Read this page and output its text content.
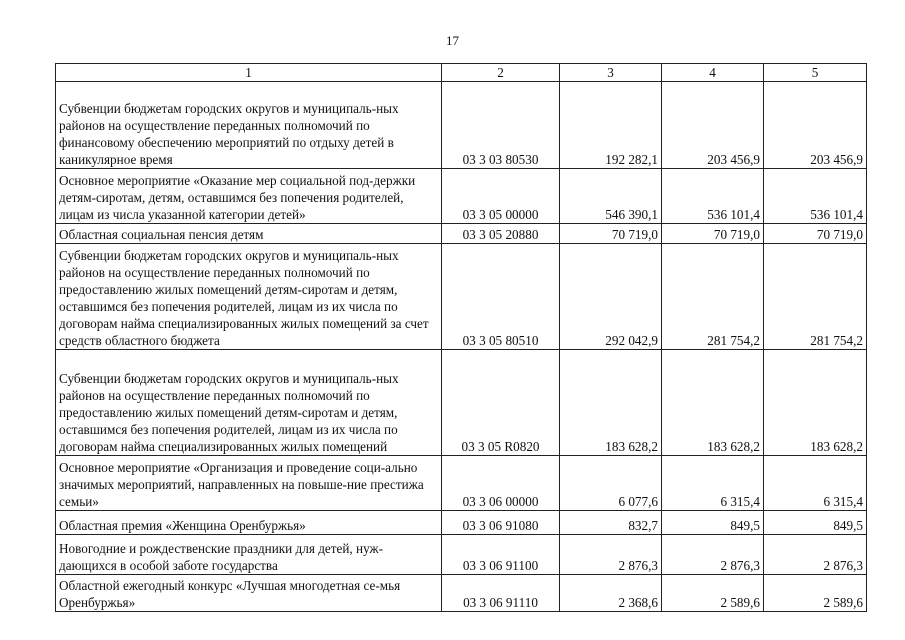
17
1	2	3	4	5
Субвенции бюджетам городских округов и муниципаль-ных районов на осуществление переданных полномочий по финансовому обеспечению мероприятий по отдыху детей в каникулярное время	03 3 03 80530	192 282,1	203 456,9	203 456,9
Основное мероприятие «Оказание мер социальной под-держки детям-сиротам, детям, оставшимся без попечения родителей, лицам из числа указанной категории детей»	03 3 05 00000	546 390,1	536 101,4	536 101,4
Областная социальная пенсия детям	03 3 05 20880	70 719,0	70 719,0	70 719,0
Субвенции бюджетам городских округов и муниципаль-ных районов на осуществление переданных полномочий по предоставлению жилых помещений детям-сиротам и детям, оставшимся без попечения родителей, лицам из их числа по договорам найма специализированных жилых помещений за счет средств областного бюджета	03 3 05 80510	292 042,9	281 754,2	281 754,2
Субвенции бюджетам городских округов и муниципаль-ных районов на осуществление переданных полномочий по предоставлению жилых помещений детям-сиротам и детям, оставшимся без попечения родителей, лицам из их числа по договорам найма специализированных жилых помещений	03 3 05 R0820	183 628,2	183 628,2	183 628,2
Основное мероприятие «Организация и проведение соци-ально значимых мероприятий, направленных на повыше-ние престижа семьи»	03 3 06 00000	6 077,6	6 315,4	6 315,4
Областная премия «Женщина Оренбуржья»	03 3 06 91080	832,7	849,5	849,5
Новогодние и рождественские праздники для детей, нуж-дающихся в особой заботе государства	03 3 06 91100	2 876,3	2 876,3	2 876,3
Областной ежегодный конкурс «Лучшая многодетная се-мья Оренбуржья»	03 3 06 91110	2 368,6	2 589,6	2 589,6
